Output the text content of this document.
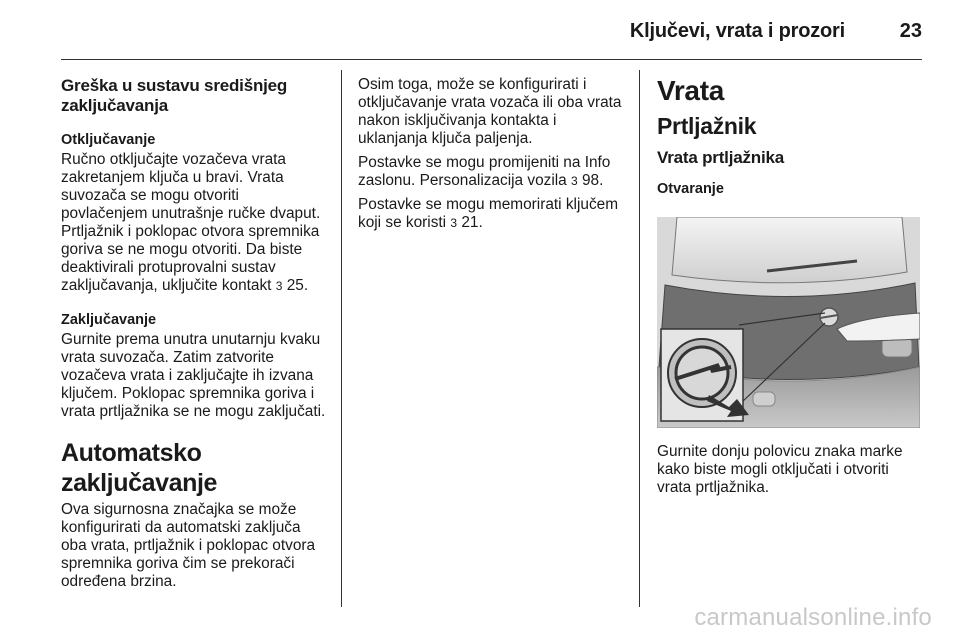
Ključevi, vrata i prozori	23
Greška u sustavu središnjeg
zaključavanja
Otključavanje

Ručno otključajte vozačeva vrata zakretanjem ključa u bravi. Vrata suvozača se mogu otvoriti povlačenjem unutrašnje ručke dvaput. Prtljažnik i poklopac otvora spremnika goriva se ne mogu otvoriti. Da biste deaktivirali protuprovalni sustav zaključavanja, uključite kontakt 3 25.

Zaključavanje

Gurnite prema unutra unutarnju kvaku vrata suvozača. Zatim zatvorite vozačeva vrata i zaključajte ih izvana ključem. Poklopac spremnika goriva i vrata prtljažnika se ne mogu zaključati.

Automatsko zaključavanje

Ova sigurnosna značajka se može konfigurirati da automatski zaključa oba vrata, prtljažnik i poklopac otvora spremnika goriva čim se prekorači određena brzina.

Osim toga, može se konfigurirati i otključavanje vrata vozača ili oba vrata nakon isključivanja kontakta i uklanjanja ključa paljenja.

Postavke se mogu promijeniti na Info zaslonu. Personalizacija vozila 3 98.

Postavke se mogu memorirati ključem koji se koristi 3 21.

Vrata
Prtljažnik
Vrata prtljažnika
Otvaranje

Gurnite donju polovicu znaka marke kako biste mogli otključati i otvoriti vrata prtljažnika.

carmanualsonline.info
